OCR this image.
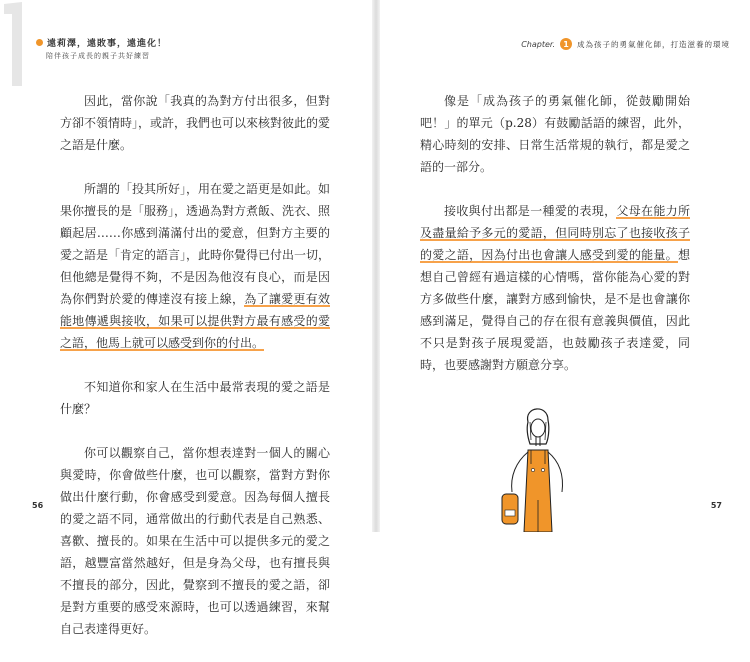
遠莉澤，遠敗事，遠進化！
陪伴孩子成長的親子共好練習
Chapter.	1	成為孩子的勇氣催化師，打造滋養的環境

因此，當你說「我真的為對方付出很多，但對方卻不領情時」，或許，我們也可以來核對彼此的愛之語是什麼。

所謂的「投其所好」，用在愛之語更是如此。如果你擅長的是「服務」，透過為對方煮飯、洗衣、照顧起居……你感到滿滿付出的愛意，但對方主要的愛之語是「肯定的語言」，此時你覺得已付出一切，但他總是覺得不夠，不是因為他沒有良心，而是因為你們對於愛的傳達沒有接上線，為了讓愛更有效能地傳遞與接收，如果可以提供對方最有感受的愛之語，他馬上就可以感受到你的付出。

不知道你和家人在生活中最常表現的愛之語是什麼？

你可以觀察自己，當你想表達對一個人的關心與愛時，你會做些什麼，也可以觀察，當對方對你做出什麼行動，你會感受到愛意。因為每個人擅長的愛之語不同，通常做出的行動代表是自己熟悉、喜歡、擅長的。如果在生活中可以提供多元的愛之語，越豐富當然越好，但是身為父母，也有擅長與不擅長的部分，因此，覺察到不擅長的愛之語，卻是對方重要的感受來源時，也可以透過練習，來幫自己表達得更好。

像是「成為孩子的勇氣催化師，從鼓勵開始吧！」的單元（p.28）有鼓勵話語的練習，此外，精心時刻的安排、日常生活常規的執行，都是愛之語的一部分。

接收與付出都是一種愛的表現，父母在能力所及盡量給予多元的愛語，但同時別忘了也接收孩子的愛之語，因為付出也會讓人感受到愛的能量。想想自己曾經有過這樣的心情嗎，當你能為心愛的對方多做些什麼，讓對方感到愉快，是不是也會讓你感到滿足，覺得自己的存在很有意義與價值，因此不只是對孩子展現愛語，也鼓勵孩子表達愛，同時，也要感謝對方願意分享。

56	57
